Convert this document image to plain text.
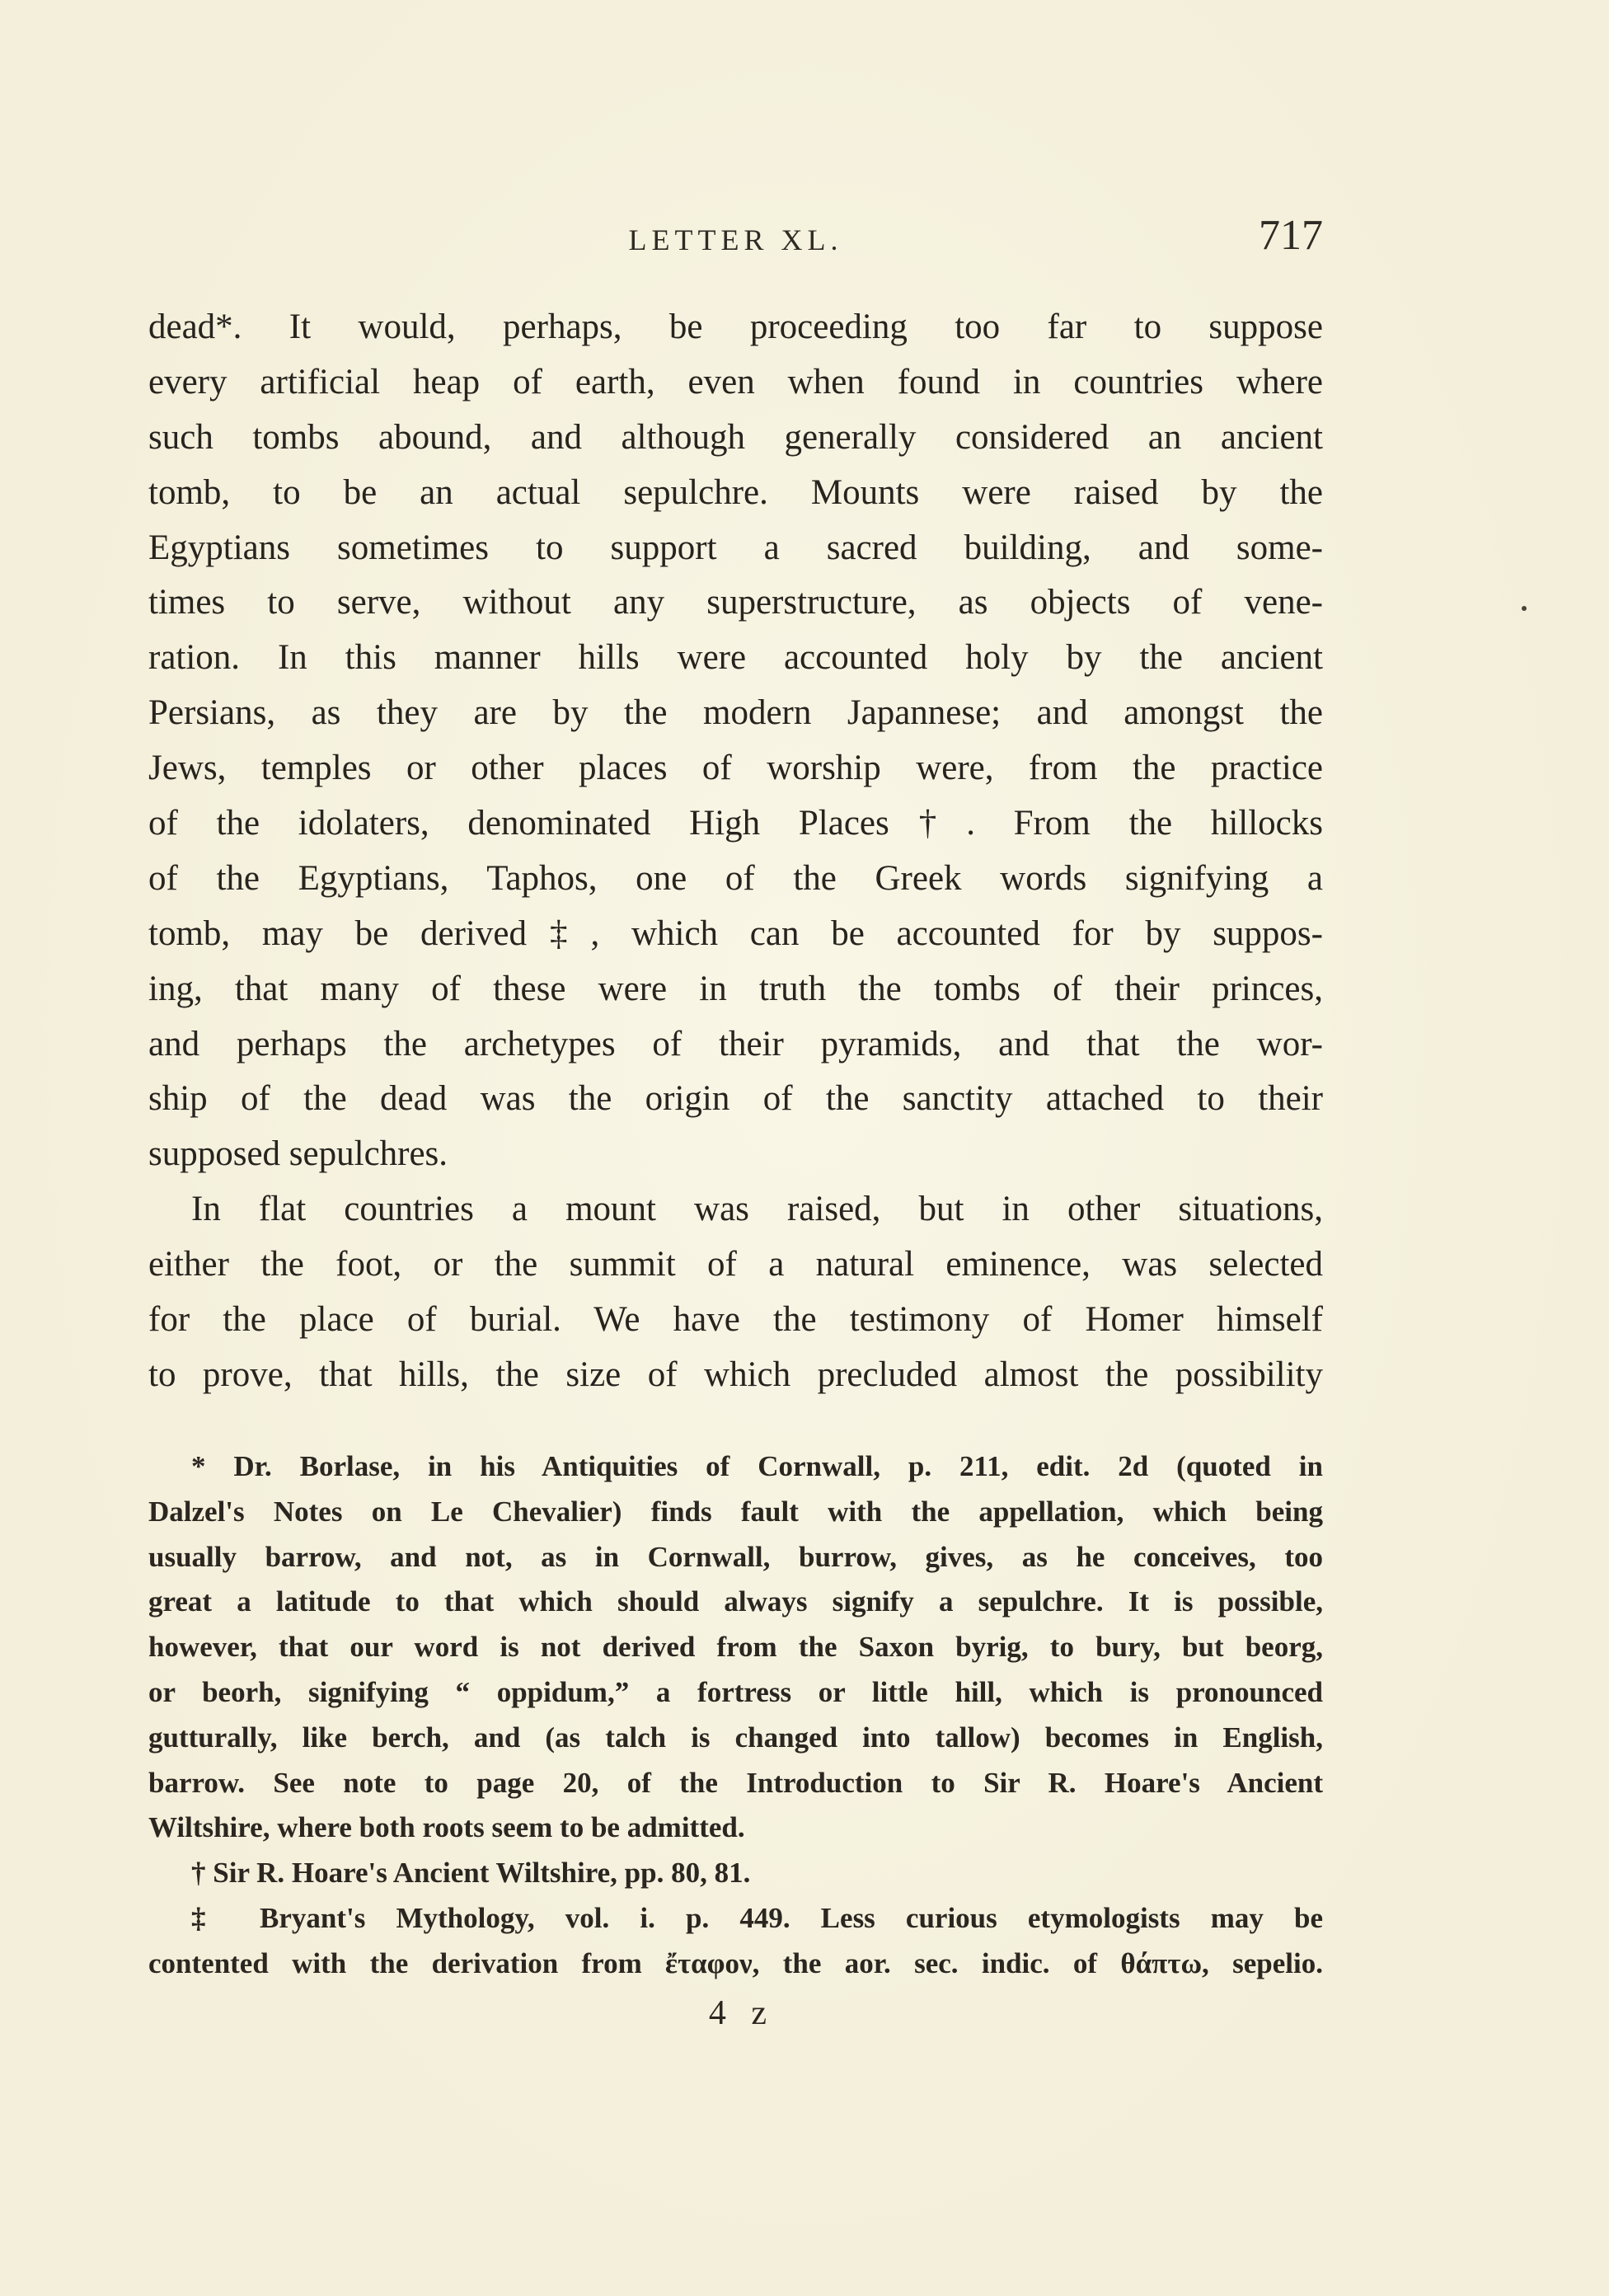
LETTER XL.	717
dead*. It would, perhaps, be proceeding too far to suppose
every artificial heap of earth, even when found in countries where
such tombs abound, and although generally considered an ancient
tomb, to be an actual sepulchre. Mounts were raised by the
Egyptians sometimes to support a sacred building, and some-
times to serve, without any superstructure, as objects of vene-
ration. In this manner hills were accounted holy by the ancient
Persians, as they are by the modern Japannese; and amongst the
Jews, temples or other places of worship were, from the practice
of the idolaters, denominated High Places†. From the hillocks
of the Egyptians, Taphos, one of the Greek words signifying a
tomb, may be derived‡, which can be accounted for by suppos-
ing, that many of these were in truth the tombs of their princes,
and perhaps the archetypes of their pyramids, and that the wor-
ship of the dead was the origin of the sanctity attached to their
supposed sepulchres.
In flat countries a mount was raised, but in other situations,
either the foot, or the summit of a natural eminence, was selected
for the place of burial. We have the testimony of Homer himself
to prove, that hills, the size of which precluded almost the possibility
* Dr. Borlase, in his Antiquities of Cornwall, p. 211, edit. 2d (quoted in
Dalzel's Notes on Le Chevalier) finds fault with the appellation, which being
usually barrow, and not, as in Cornwall, burrow, gives, as he conceives, too
great a latitude to that which should always signify a sepulchre. It is possible,
however, that our word is not derived from the Saxon byrig, to bury, but beorg,
or beorh, signifying “ oppidum,” a fortress or little hill, which is pronounced
gutturally, like berch, and (as talch is changed into tallow) becomes in English,
barrow. See note to page 20, of the Introduction to Sir R. Hoare's Ancient
Wiltshire, where both roots seem to be admitted.
† Sir R. Hoare's Ancient Wiltshire, pp. 80, 81.
‡ Bryant's Mythology, vol. i. p. 449. Less curious etymologists may be
contented with the derivation from ἔταφον, the aor. sec. indic. of θάπτω, sepelio.
4 z
